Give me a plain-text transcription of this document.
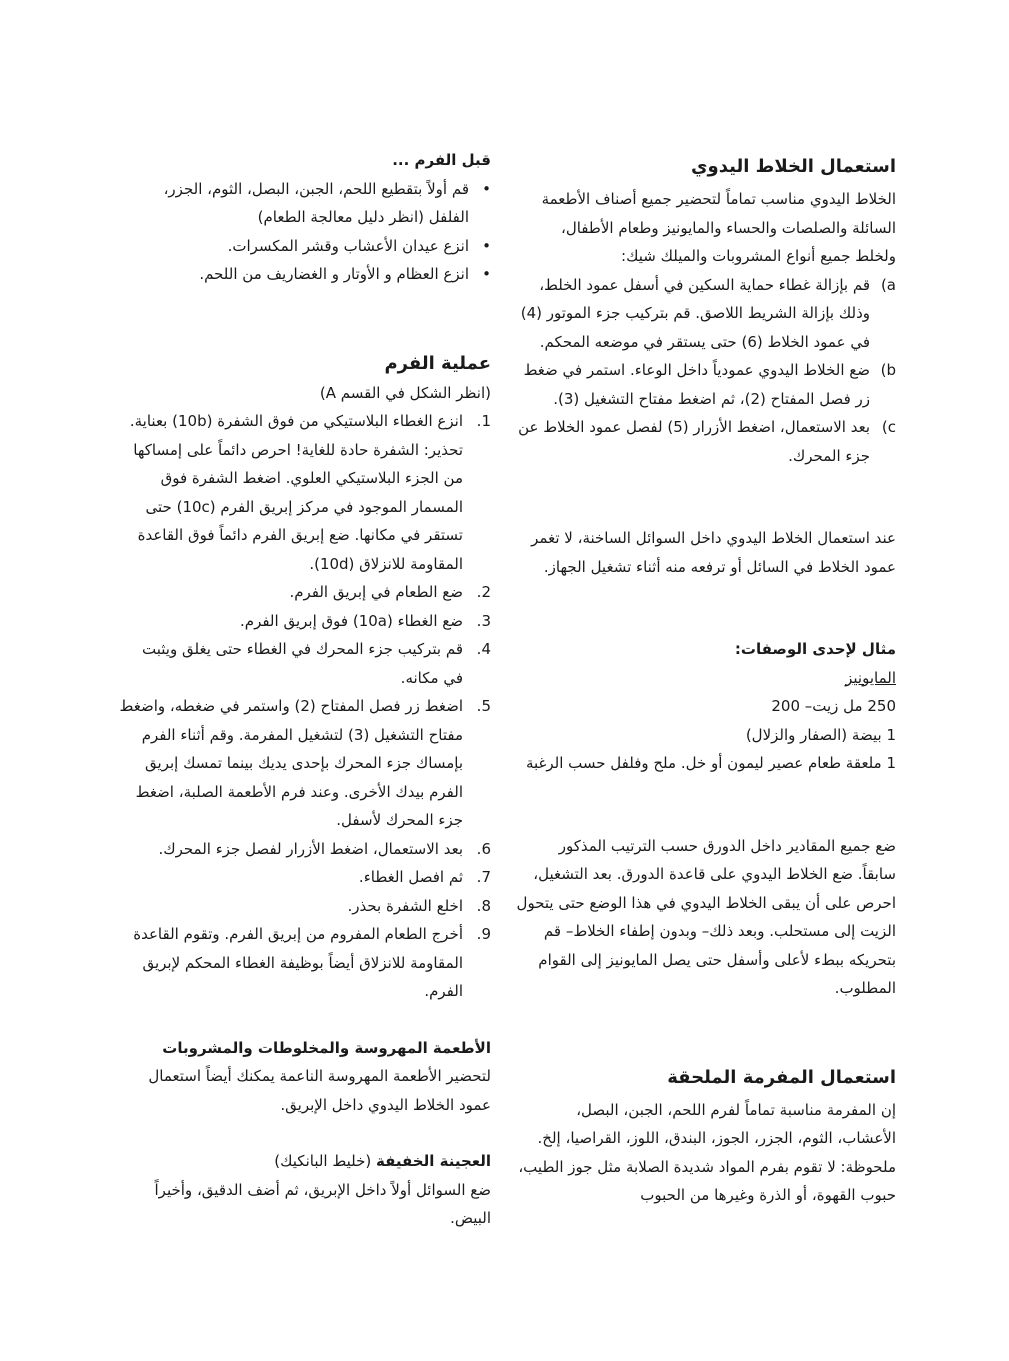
استعمال الخلاط اليدوي

الخلاط اليدوي مناسب تماماً لتحضير جميع أصناف الأطعمة السائلة والصلصات والحساء والمايونيز وطعام الأطفال، ولخلط جميع أنواع المشروبات والميلك شيك:

a)
قم بإزالة غطاء حماية السكين في أسفل عمود الخلط، وذلك بإزالة الشريط اللاصق. قم بتركيب جزء الموتور (4) في عمود الخلاط (6) حتى يستقر في موضعه المحكم.
b)
ضع الخلاط اليدوي عمودياً داخل الوعاء. استمر في ضغط زر فصل المفتاح (2)، ثم اضغط مفتاح التشغيل (3).
c)
بعد الاستعمال، اضغط الأزرار (5) لفصل عمود الخلاط عن جزء المحرك.

عند استعمال الخلاط اليدوي داخل السوائل الساخنة، لا تغمر عمود الخلاط في السائل أو ترفعه منه أثناء تشغيل الجهاز.

مثال لإحدى الوصفات:

المايونيز

250 مل زيت– 200

1 بيضة (الصفار والزلال)

1 ملعقة طعام عصير ليمون أو خل. ملح وفلفل حسب الرغبة

ضع جميع المقادير داخل الدورق حسب الترتيب المذكور سابقاً. ضع الخلاط اليدوي على قاعدة الدورق. بعد التشغيل، احرص على أن يبقى الخلاط اليدوي في هذا الوضع حتى يتحول الزيت إلى مستحلب. وبعد ذلك– وبدون إطفاء الخلاط– قم بتحريكه ببطء لأعلى وأسفل حتى يصل المايونيز إلى القوام المطلوب.

استعمال المفرمة الملحقة

إن المفرمة مناسبة تماماً لفرم اللحم، الجبن، البصل، الأعشاب، الثوم، الجزر، الجوز، البندق، اللوز، القراصيا، إلخ.

ملحوظة: لا تقوم بفرم المواد شديدة الصلابة مثل جوز الطيب، حبوب القهوة، أو الذرة وغيرها من الحبوب

قبل الفرم ...

•
قم أولاً بتقطيع اللحم، الجبن، البصل، الثوم، الجزر، الفلفل (انظر دليل معالجة الطعام)
•
انزع عيدان الأعشاب وقشر المكسرات.
•
انزع العظام و الأوتار و الغضاريف من اللحم.
عملية الفرم

(انظر الشكل في القسم A)

1.
انزع الغطاء البلاستيكي من فوق الشفرة (10b) بعناية. تحذير: الشفرة حادة للغاية! احرص دائماً على إمساكها من الجزء البلاستيكي العلوي. اضغط الشفرة فوق المسمار الموجود في مركز إبريق الفرم (10c) حتى تستقر في مكانها. ضع إبريق الفرم دائماً فوق القاعدة المقاومة للانزلاق (10d).
2.
ضع الطعام في إبريق الفرم.
3.
ضع الغطاء (10a) فوق إبريق الفرم.
4.
قم بتركيب جزء المحرك في الغطاء حتى يغلق ويثبت في مكانه.
5.
اضغط زر فصل المفتاح (2) واستمر في ضغطه، واضغط مفتاح التشغيل (3) لتشغيل المفرمة. وقم أثناء الفرم بإمساك جزء المحرك بإحدى يديك بينما تمسك إبريق الفرم بيدك الأخرى. وعند فرم الأطعمة الصلبة، اضغط جزء المحرك لأسفل.
6.
بعد الاستعمال، اضغط الأزرار لفصل جزء المحرك.
7.
ثم افصل الغطاء.
8.
اخلع الشفرة بحذر.
9.
أخرج الطعام المفروم من إبريق الفرم. وتقوم القاعدة المقاومة للانزلاق أيضاً بوظيفة الغطاء المحكم لإبريق الفرم.

الأطعمة المهروسة والمخلوطات والمشروبات

لتحضير الأطعمة المهروسة الناعمة يمكنك أيضاً استعمال عمود الخلاط اليدوي داخل الإبريق.

العجينة الخفيفة (خليط البانكيك)

ضع السوائل أولاً داخل الإبريق، ثم أضف الدقيق، وأخيراً البيض.
